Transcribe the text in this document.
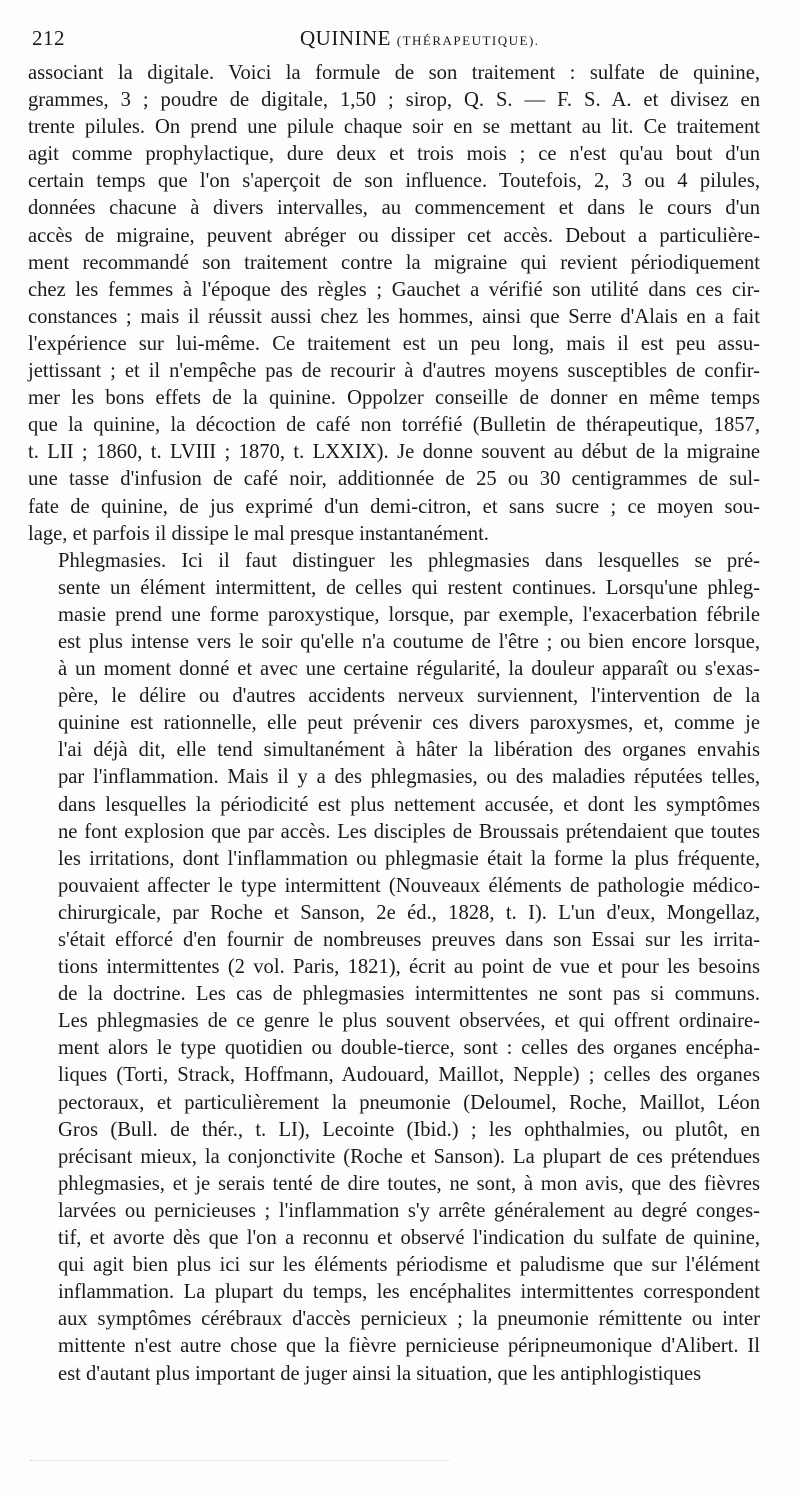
212	QUININE (THÉRAPEUTIQUE).

associant la digitale. Voici la formule de son traitement : sulfate de quinine,
grammes, 3 ; poudre de digitale, 1,50 ; sirop, Q. S. — F. S. A. et divisez en
trente pilules. On prend une pilule chaque soir en se mettant au lit. Ce traitement
agit comme prophylactique, dure deux et trois mois ; ce n'est qu'au bout d'un
certain temps que l'on s'aperçoit de son influence. Toutefois, 2, 3 ou 4 pilules,
données chacune à divers intervalles, au commencement et dans le cours d'un
accès de migraine, peuvent abréger ou dissiper cet accès. Debout a particulière-
ment recommandé son traitement contre la migraine qui revient périodiquement
chez les femmes à l'époque des règles ; Gauchet a vérifié son utilité dans ces cir-
constances ; mais il réussit aussi chez les hommes, ainsi que Serre d'Alais en a fait
l'expérience sur lui-même. Ce traitement est un peu long, mais il est peu assu-
jettissant ; et il n'empêche pas de recourir à d'autres moyens susceptibles de confir-
mer les bons effets de la quinine. Oppolzer conseille de donner en même temps
que la quinine, la décoction de café non torréfié (Bulletin de thérapeutique, 1857,
t. LII ; 1860, t. LVIII ; 1870, t. LXXIX). Je donne souvent au début de la migraine
une tasse d'infusion de café noir, additionnée de 25 ou 30 centigrammes de sul-
fate de quinine, de jus exprimé d'un demi-citron, et sans sucre ; ce moyen sou-
lage, et parfois il dissipe le mal presque instantanément.

Phlegmasies. Ici il faut distinguer les phlegmasies dans lesquelles se pré-
sente un élément intermittent, de celles qui restent continues. Lorsqu'une phleg-
masie prend une forme paroxystique, lorsque, par exemple, l'exacerbation fébrile
est plus intense vers le soir qu'elle n'a coutume de l'être ; ou bien encore lorsque,
à un moment donné et avec une certaine régularité, la douleur apparaît ou s'exas-
père, le délire ou d'autres accidents nerveux surviennent, l'intervention de la
quinine est rationnelle, elle peut prévenir ces divers paroxysmes, et, comme je
l'ai déjà dit, elle tend simultanément à hâter la libération des organes envahis
par l'inflammation. Mais il y a des phlegmasies, ou des maladies réputées telles,
dans lesquelles la périodicité est plus nettement accusée, et dont les symptômes
ne font explosion que par accès. Les disciples de Broussais prétendaient que toutes
les irritations, dont l'inflammation ou phlegmasie était la forme la plus fréquente,
pouvaient affecter le type intermittent (Nouveaux éléments de pathologie médico-
chirurgicale, par Roche et Sanson, 2e éd., 1828, t. I). L'un d'eux, Mongellaz,
s'était efforcé d'en fournir de nombreuses preuves dans son Essai sur les irrita-
tions intermittentes (2 vol. Paris, 1821), écrit au point de vue et pour les besoins
de la doctrine. Les cas de phlegmasies intermittentes ne sont pas si communs.
Les phlegmasies de ce genre le plus souvent observées, et qui offrent ordinaire-
ment alors le type quotidien ou double-tierce, sont : celles des organes encépha-
liques (Torti, Strack, Hoffmann, Audouard, Maillot, Nepple) ; celles des organes
pectoraux, et particulièrement la pneumonie (Deloumel, Roche, Maillot, Léon
Gros (Bull. de thér., t. LI), Lecointe (Ibid.) ; les ophthalmies, ou plutôt, en
précisant mieux, la conjonctivite (Roche et Sanson). La plupart de ces prétendues
phlegmasies, et je serais tenté de dire toutes, ne sont, à mon avis, que des fièvres
larvées ou pernicieuses ; l'inflammation s'y arrête généralement au degré conges-
tif, et avorte dès que l'on a reconnu et observé l'indication du sulfate de quinine,
qui agit bien plus ici sur les éléments périodisme et paludisme que sur l'élément
inflammation. La plupart du temps, les encéphalites intermittentes correspondent
aux symptômes cérébraux d'accès pernicieux ; la pneumonie rémittente ou inter
mittente n'est autre chose que la fièvre pernicieuse péripneumonique d'Alibert. Il
est d'autant plus important de juger ainsi la situation, que les antiphlogistiques
